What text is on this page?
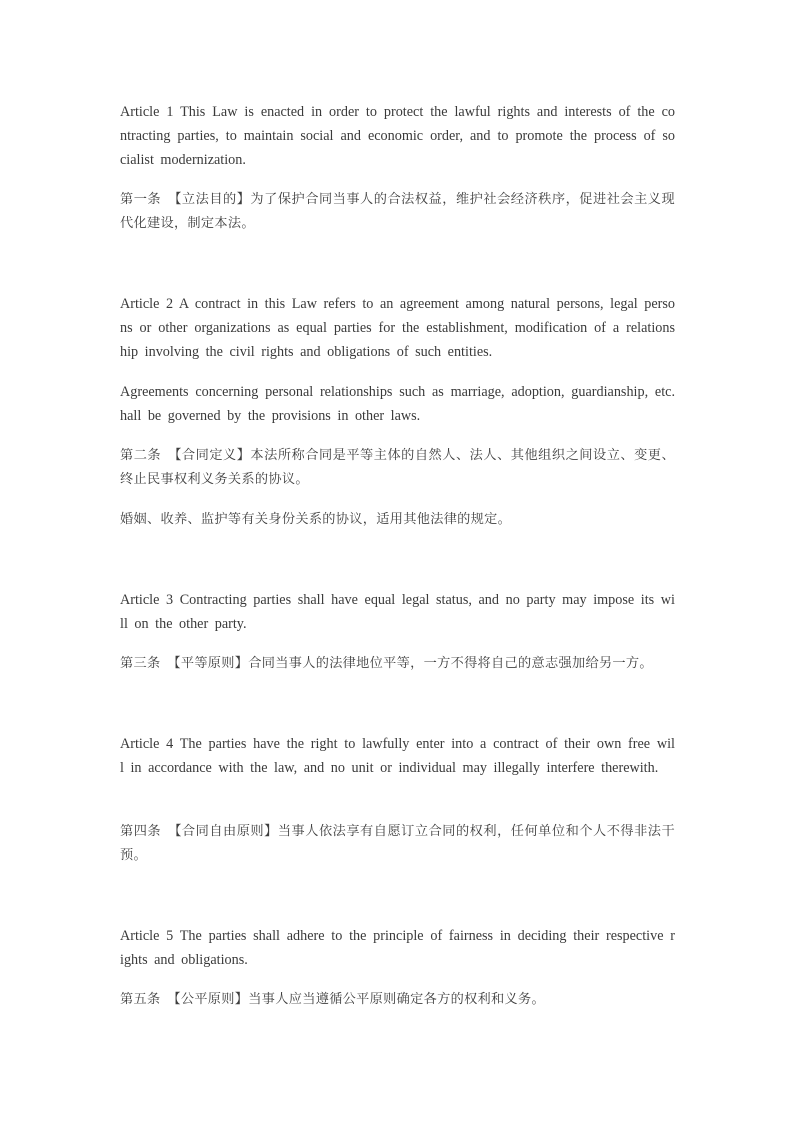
Article 1 This Law is enacted in order to protect the lawful rights and interests of the contracting parties, to maintain social and economic order, and to promote the process of socialist modernization.

第一条　【立法目的】为了保护合同当事人的合法权益，维护社会经济秩序，促进社会主义现代化建设，制定本法。

Article 2 A contract in this Law refers to an agreement among natural persons, legal persons or other organizations as equal parties for the establishment, modification of a relationship involving the civil rights and obligations of such entities.

Agreements concerning personal relationships such as marriage, adoption, guardianship, etc. hall be governed by the provisions in other laws.

第二条　【合同定义】本法所称合同是平等主体的自然人、法人、其他组织之间设立、变更、终止民事权利义务关系的协议。

婚姻、收养、监护等有关身份关系的协议，适用其他法律的规定。

Article 3 Contracting parties shall have equal legal status, and no party may impose its will on the other party.

第三条　【平等原则】合同当事人的法律地位平等，一方不得将自己的意志强加给另一方。

Article 4 The parties have the right to lawfully enter into a contract of their own free will in accordance with the law, and no unit or individual may illegally interfere therewith.

第四条　【合同自由原则】当事人依法享有自愿订立合同的权利，任何单位和个人不得非法干预。

Article 5 The parties shall adhere to the principle of fairness in deciding their respective rights and obligations.

第五条　【公平原则】当事人应当遵循公平原则确定各方的权利和义务。
